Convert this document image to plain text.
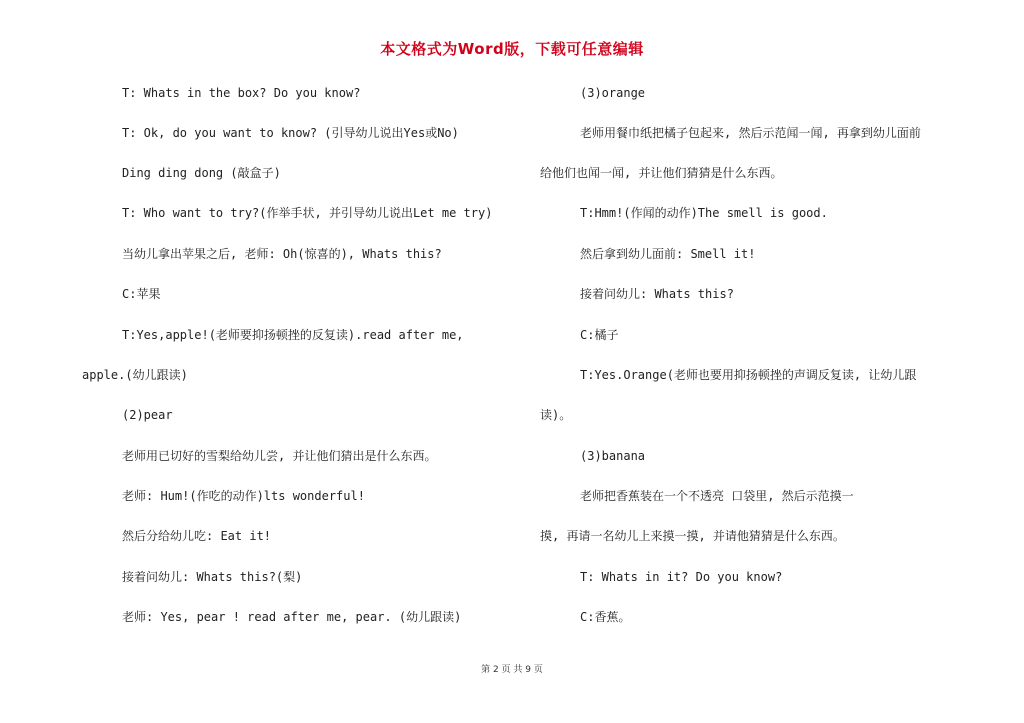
本文格式为Word版，下载可任意编辑
T: Whats in the box? Do you know?
T: Ok, do you want to know? (引导幼儿说出Yes或No)
Ding ding dong (敲盒子)
T: Who want to try?(作举手状, 并引导幼儿说出Let me try)
当幼儿拿出苹果之后, 老师: Oh(惊喜的), Whats this?
C:苹果
T:Yes,apple!(老师要抑扬顿挫的反复读).read after me,
apple.(幼儿跟读)
(2)pear
老师用已切好的雪梨给幼儿尝, 并让他们猜出是什么东西。
老师: Hum!(作吃的动作)lts wonderful!
然后分给幼儿吃: Eat it!
接着问幼儿: Whats this?(梨)
老师: Yes, pear ! read after me, pear. (幼儿跟读)
(3)orange
老师用餐巾纸把橘子包起来, 然后示范闻一闻, 再拿到幼儿面前
给他们也闻一闻, 并让他们猜猜是什么东西。
T:Hmm!(作闻的动作)The smell is good.
然后拿到幼儿面前: Smell it!
接着问幼儿: Whats this?
C:橘子
T:Yes.Orange(老师也要用抑扬顿挫的声调反复读, 让幼儿跟
读)。
(3)banana
老师把香蕉装在一个不透亮 口袋里, 然后示范摸一
摸, 再请一名幼儿上来摸一摸, 并请他猜猜是什么东西。
T: Whats in it? Do you know?
C:香蕉。
第 2 页 共 9 页
